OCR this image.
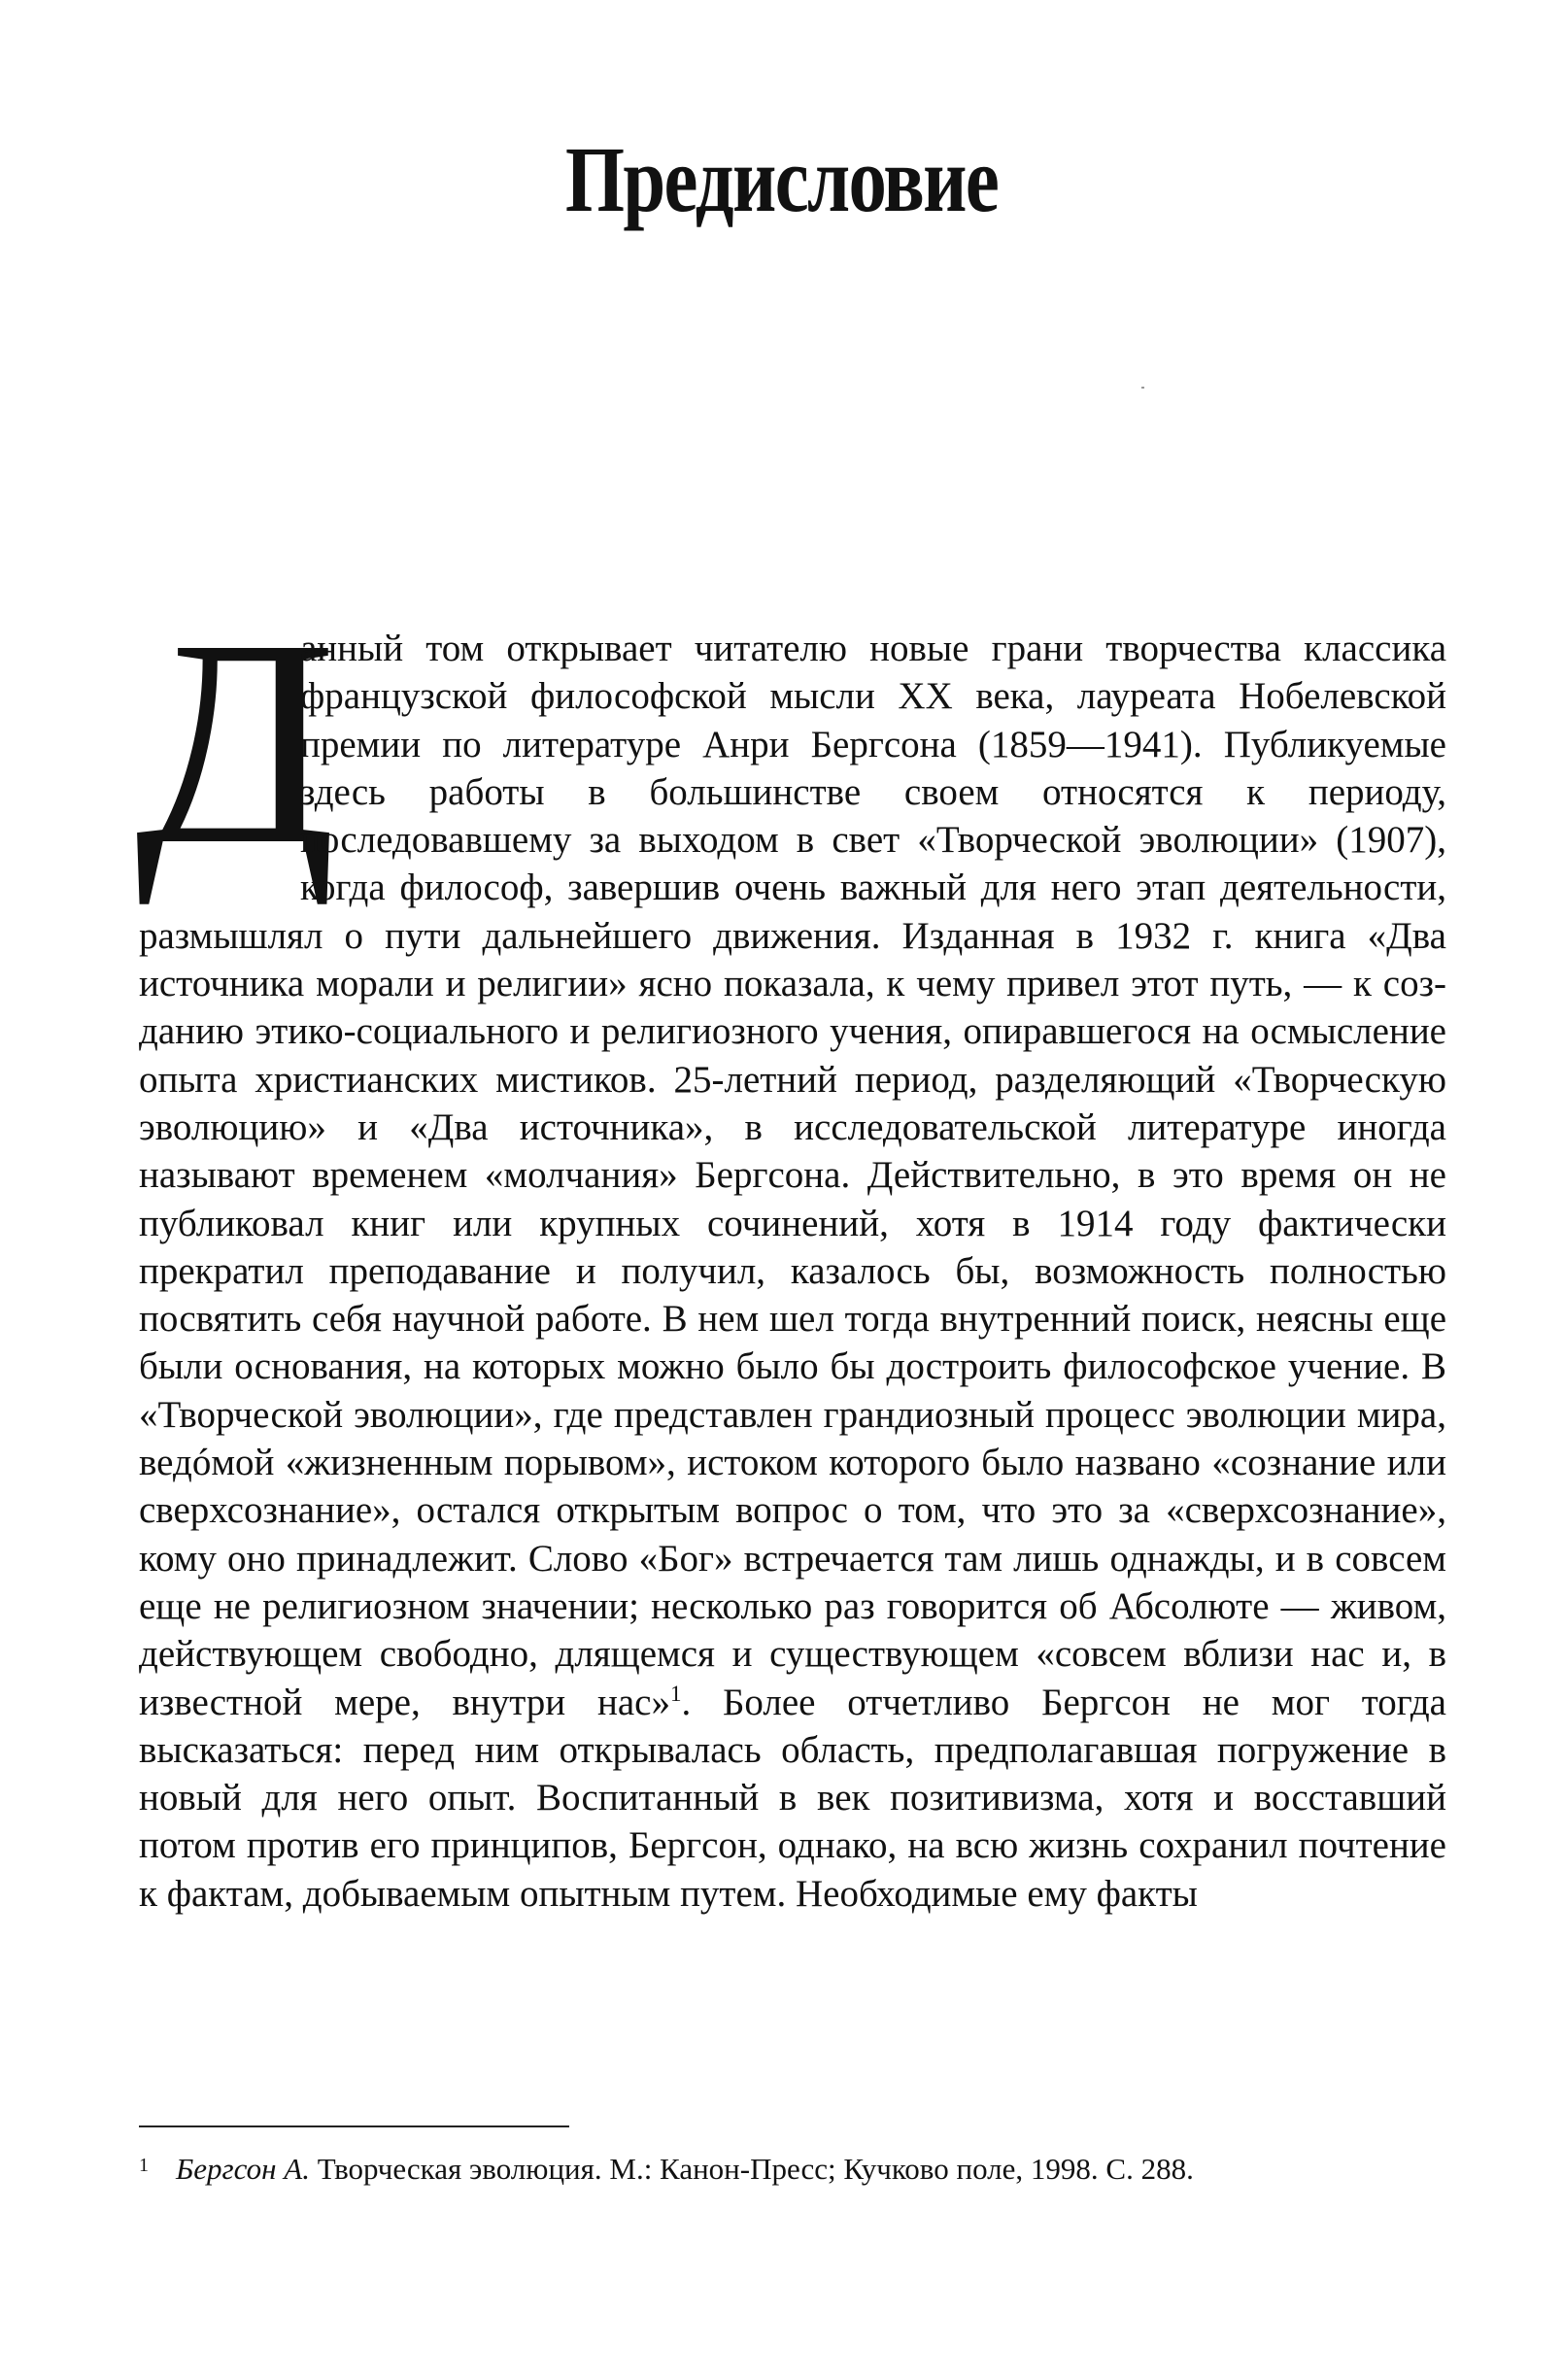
Предисловие
Д

анный том открывает читателю новые грани творчества классика французской философской мысли XX века, лауреата Нобелевской премии по литературе Анри Бергсона (1859—1941). Публикуемые здесь работы в большинстве своем относятся к периоду, последовавшему за выходом в свет «Творческой эволюции» (1907), когда философ, завершив очень важный для него этап деятельности, размышлял о пути дальнейшего движения. Изданная в 1932 г. книга «Два источника морали и религии» ясно показала, к чему привел этот путь, — к созданию этико-социального и религиозного учения, опиравшегося на осмысление опыта христианских мистиков. 25-летний период, разделяющий «Творческую эволюцию» и «Два источника», в исследовательской литературе иногда называют временем «молчания» Бергсона. Действительно, в это время он не публиковал книг или крупных сочинений, хотя в 1914 году фактически прекратил преподавание и получил, казалось бы, возможность полностью посвятить себя научной работе. В нем шел тогда внутренний поиск, неясны еще были основания, на которых можно было бы достроить философское учение. В «Творческой эволюции», где представлен грандиозный процесс эволюции мира, ведóмой «жизненным порывом», истоком которого было названо «сознание или сверхсознание», остался открытым вопрос о том, что это за «сверхсознание», кому оно принадлежит. Слово «Бог» встречается там лишь однажды, и в совсем еще не религиозном значении; несколько раз говорится об Абсолюте — живом, действующем свободно, длящемся и существующем «совсем вблизи нас и, в известной мере, внутри нас»$^1$. Более отчетливо Бергсон не мог тогда высказаться: перед ним открывалась область, предполагавшая погружение в новый для него опыт. Воспитанный в век позитивизма, хотя и восставший потом против его принципов, Бергсон, однако, на всю жизнь сохранил почтение к фактам, добываемым опытным путем. Необходимые ему факты

1 Бергсон А. Творческая эволюция. М.: Канон-Пресс; Кучково поле, 1998. С. 288.
